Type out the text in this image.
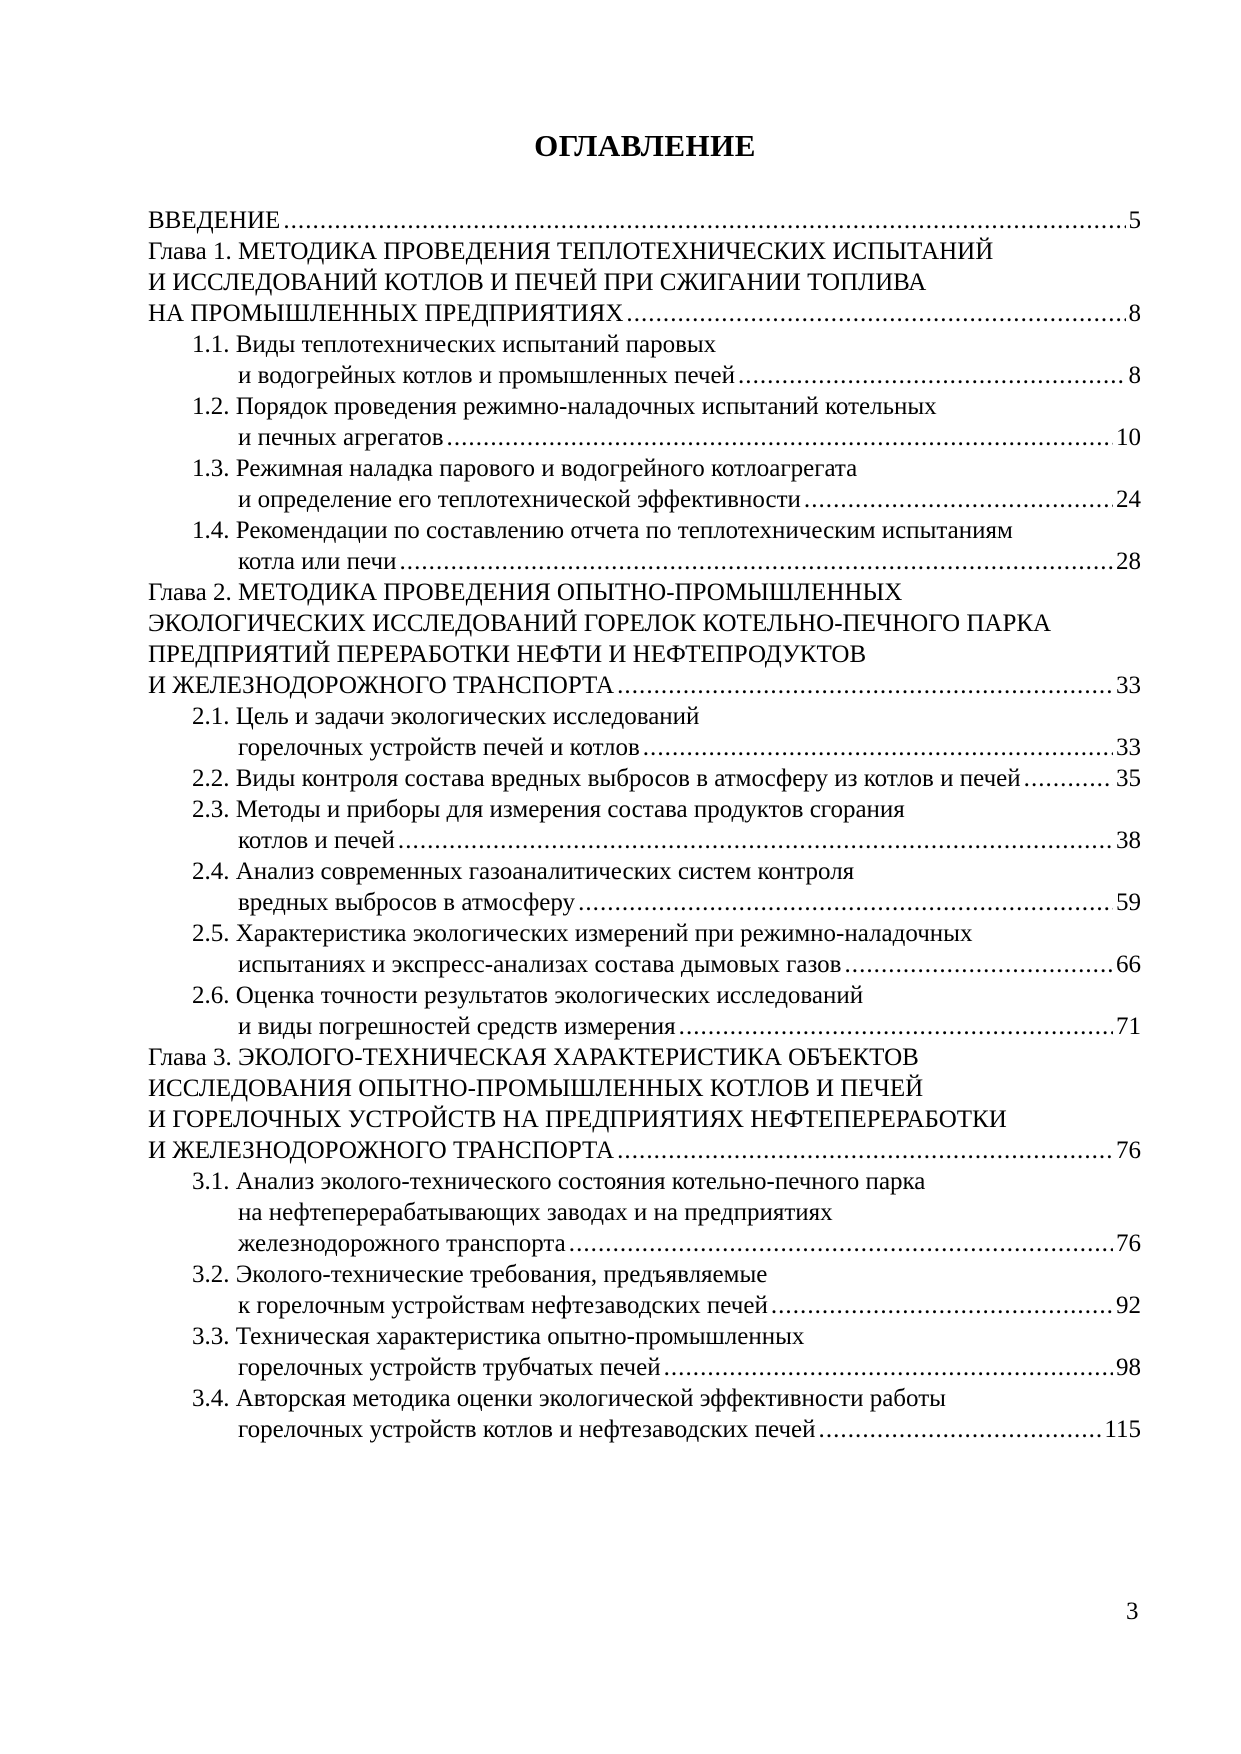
ОГЛАВЛЕНИЕ
ВВЕДЕНИЕ . . .	5
Глава 1. МЕТОДИКА ПРОВЕДЕНИЯ ТЕПЛОТЕХНИЧЕСКИХ ИСПЫТАНИЙ
И ИССЛЕДОВАНИЙ КОТЛОВ И ПЕЧЕЙ ПРИ СЖИГАНИИ ТОПЛИВА
НА ПРОМЫШЛЕННЫХ ПРЕДПРИЯТИЯХ . . .	8
1.1. Виды теплотехнических испытаний паровых
и водогрейных котлов и промышленных печей . . .	8
1.2. Порядок проведения режимно-наладочных испытаний котельных
и печных агрегатов . . .	10
1.3. Режимная наладка парового и водогрейного котлоагрегата
и определение его теплотехнической эффективности . . .	24
1.4. Рекомендации по составлению отчета по теплотехническим испытаниям
котла или печи . . .	28
Глава 2. МЕТОДИКА ПРОВЕДЕНИЯ ОПЫТНО-ПРОМЫШЛЕННЫХ
ЭКОЛОГИЧЕСКИХ ИССЛЕДОВАНИЙ ГОРЕЛОК КОТЕЛЬНО-ПЕЧНОГО ПАРКА
ПРЕДПРИЯТИЙ ПЕРЕРАБОТКИ НЕФТИ И НЕФТЕПРОДУКТОВ
И ЖЕЛЕЗНОДОРОЖНОГО ТРАНСПОРТА . . .	33
2.1. Цель и задачи экологических исследований
горелочных устройств печей и котлов . . .	33
2.2. Виды контроля состава вредных выбросов в атмосферу из котлов и печей . . .	35
2.3. Методы и приборы для измерения состава продуктов сгорания
котлов и печей . . .	38
2.4. Анализ современных газоаналитических систем контроля
вредных выбросов в атмосферу . . .	59
2.5. Характеристика экологических измерений при режимно-наладочных
испытаниях и экспресс-анализах состава дымовых газов . . .	66
2.6. Оценка точности результатов экологических исследований
и виды погрешностей средств измерения . . .	71
Глава 3. ЭКОЛОГО-ТЕХНИЧЕСКАЯ ХАРАКТЕРИСТИКА ОБЪЕКТОВ
ИССЛЕДОВАНИЯ ОПЫТНО-ПРОМЫШЛЕННЫХ КОТЛОВ И ПЕЧЕЙ
И ГОРЕЛОЧНЫХ УСТРОЙСТВ НА ПРЕДПРИЯТИЯХ НЕФТЕПЕРЕРАБОТКИ
И ЖЕЛЕЗНОДОРОЖНОГО ТРАНСПОРТА . . .	76
3.1. Анализ эколого-технического состояния котельно-печного парка
на нефтеперерабатывающих заводах и на предприятиях
железнодорожного транспорта . . .	76
3.2. Эколого-технические требования, предъявляемые
к горелочным устройствам нефтезаводских печей . . .	92
3.3. Техническая характеристика опытно-промышленных
горелочных устройств трубчатых печей . . .	98
3.4. Авторская методика оценки экологической эффективности работы
горелочных устройств котлов и нефтезаводских печей . . .	115
3
